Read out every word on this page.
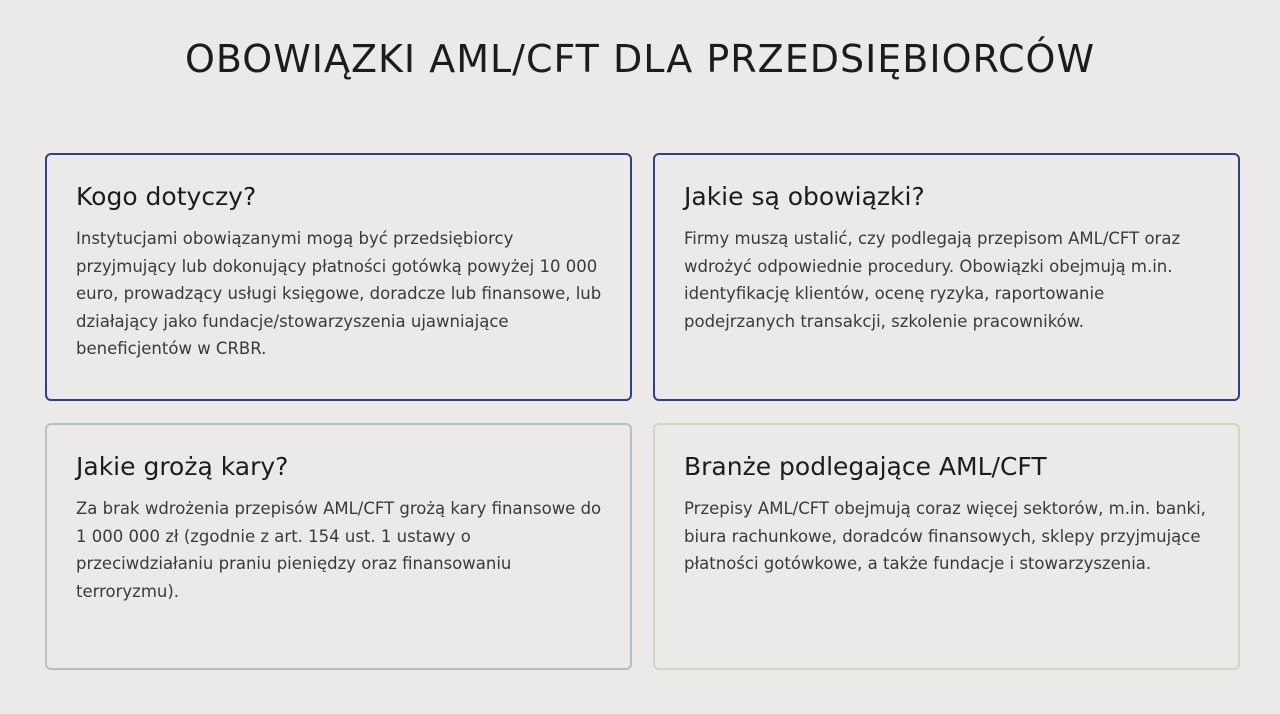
OBOWIĄZKI AML/CFT DLA PRZEDSIĘBIORCÓW
Kogo dotyczy?

Instytucjami obowiązanymi mogą być przedsiębiorcy przyjmujący lub dokonujący płatności gotówką powyżej 10 000 euro, prowadzący usługi księgowe, doradcze lub finansowe, lub działający jako fundacje/stowarzyszenia ujawniające beneficjentów w CRBR.

Jakie są obowiązki?

Firmy muszą ustalić, czy podlegają przepisom AML/CFT oraz wdrożyć odpowiednie procedury. Obowiązki obejmują m.in. identyfikację klientów, ocenę ryzyka, raportowanie podejrzanych transakcji, szkolenie pracowników.

Jakie grożą kary?

Za brak wdrożenia przepisów AML/CFT grożą kary finansowe do 1 000 000 zł (zgodnie z art. 154 ust. 1 ustawy o przeciwdziałaniu praniu pieniędzy oraz finansowaniu terroryzmu).

Branże podlegające AML/CFT

Przepisy AML/CFT obejmują coraz więcej sektorów, m.in. banki, biura rachunkowe, doradców finansowych, sklepy przyjmujące płatności gotówkowe, a także fundacje i stowarzyszenia.
